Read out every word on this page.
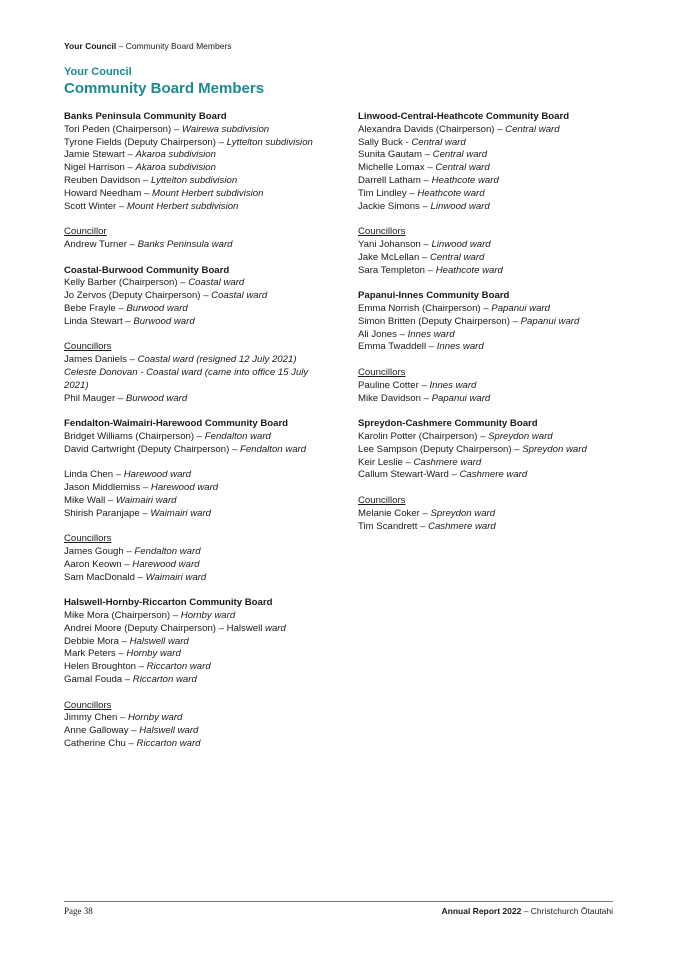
Your Council – Community Board Members
Your Council
Community Board Members
Banks Peninsula Community Board
Tori Peden (Chairperson) – Wairewa subdivision
Tyrone Fields (Deputy Chairperson) – Lyttelton subdivision
Jamie Stewart – Akaroa subdivision
Nigel Harrison – Akaroa subdivision
Reuben Davidson – Lyttelton subdivision
Howard Needham – Mount Herbert subdivision
Scott Winter – Mount Herbert subdivision
Councillor
Andrew Turner – Banks Peninsula ward
Coastal-Burwood Community Board
Kelly Barber (Chairperson) – Coastal ward
Jo Zervos (Deputy Chairperson) – Coastal ward
Bebe Frayle – Burwood ward
Linda Stewart – Burwood ward
Councillors
James Daniels – Coastal ward (resigned 12 July 2021)
Celeste Donovan - Coastal ward (came into office 15 July
2021)
Phil Mauger – Burwood ward
Fendalton-Waimairi-Harewood Community Board
Bridget Williams (Chairperson) – Fendalton ward
David Cartwright (Deputy Chairperson) – Fendalton ward
Linda Chen – Harewood ward
Jason Middlemiss – Harewood ward
Mike Wall – Waimairi ward
Shirish Paranjape – Waimairi ward
Councillors
James Gough – Fendalton ward
Aaron Keown – Harewood ward
Sam MacDonald – Waimairi ward
Halswell-Hornby-Riccarton Community Board
Mike Mora (Chairperson) – Hornby ward
Andrei Moore (Deputy Chairperson) – Halswell ward
Debbie Mora – Halswell ward
Mark Peters – Hornby ward
Helen Broughton – Riccarton ward
Gamal Fouda – Riccarton ward
Councillors
Jimmy Chen – Hornby ward
Anne Galloway – Halswell ward
Catherine Chu – Riccarton ward
Linwood-Central-Heathcote Community Board
Alexandra Davids (Chairperson) – Central ward
Sally Buck - Central ward
Sunita Gautam – Central ward
Michelle Lomax – Central ward
Darrell Latham – Heathcote ward
Tim Lindley – Heathcote ward
Jackie Simons – Linwood ward
Councillors
Yani Johanson – Linwood ward
Jake McLellan – Central ward
Sara Templeton – Heathcote ward
Papanui-Innes Community Board
Emma Norrish (Chairperson) – Papanui ward
Simon Britten (Deputy Chairperson) – Papanui ward
Ali Jones – Innes ward
Emma Twaddell – Innes ward
Councillors
Pauline Cotter – Innes ward
Mike Davidson – Papanui ward
Spreydon-Cashmere Community Board
Karolin Potter (Chairperson) – Spreydon ward
Lee Sampson (Deputy Chairperson) – Spreydon ward
Keir Leslie – Cashmere ward
Callum Stewart-Ward – Cashmere ward
Councillors
Melanie Coker – Spreydon ward
Tim Scandrett – Cashmere ward
Page 38	Annual Report 2022 – Christchurch Ōtautahi
